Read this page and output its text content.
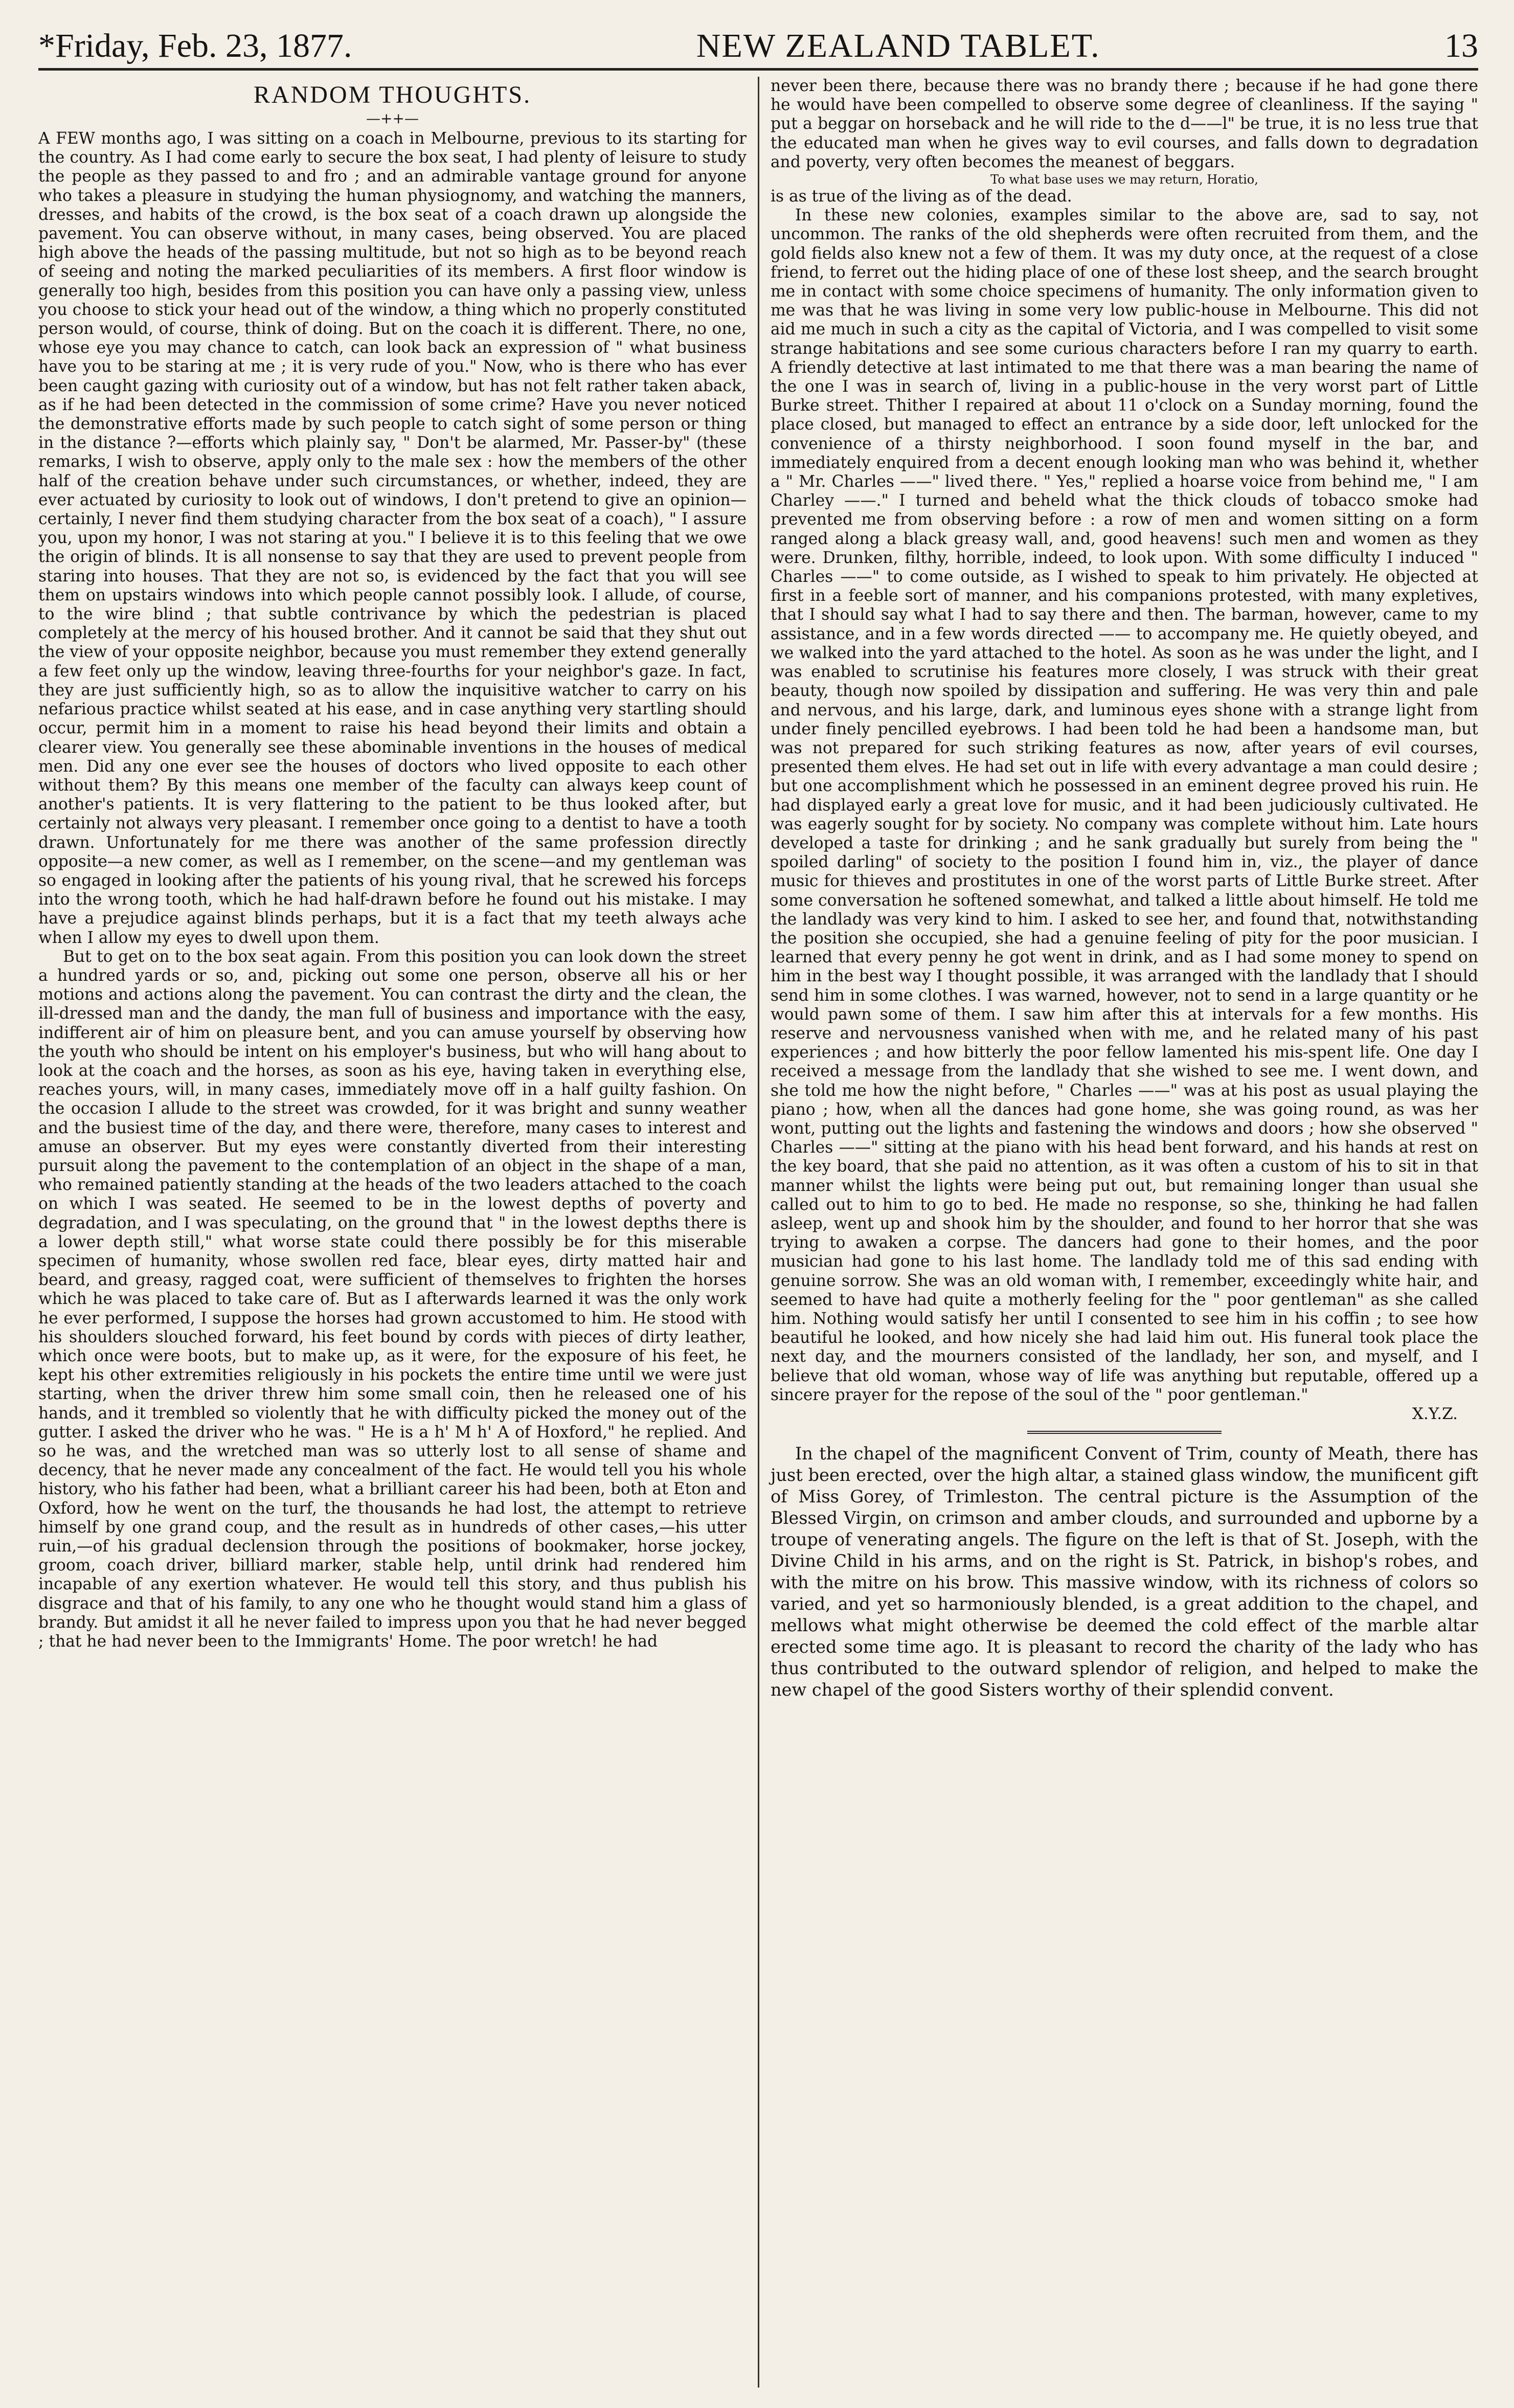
*Friday, Feb. 23, 1877.	NEW ZEALAND TABLET.	13
RANDOM THOUGHTS.
—++—

A FEW months ago, I was sitting on a coach in Melbourne, previous to its starting for the country. As I had come early to secure the box seat, I had plenty of leisure to study the people as they passed to and fro ; and an admirable vantage ground for anyone who takes a pleasure in studying the human physiognomy, and watching the manners, dresses, and habits of the crowd, is the box seat of a coach drawn up alongside the pavement. You can observe without, in many cases, being observed. You are placed high above the heads of the passing multitude, but not so high as to be beyond reach of seeing and noting the marked peculiarities of its members. A first floor window is generally too high, besides from this position you can have only a passing view, unless you choose to stick your head out of the window, a thing which no properly constituted person would, of course, think of doing. But on the coach it is different. There, no one, whose eye you may chance to catch, can look back an expression of " what business have you to be staring at me ; it is very rude of you." Now, who is there who has ever been caught gazing with curiosity out of a window, but has not felt rather taken aback, as if he had been detected in the commission of some crime? Have you never noticed the demonstrative efforts made by such people to catch sight of some person or thing in the distance ?—efforts which plainly say, " Don't be alarmed, Mr. Passer-by" (these remarks, I wish to observe, apply only to the male sex : how the members of the other half of the creation behave under such circumstances, or whether, indeed, they are ever actuated by curiosity to look out of windows, I don't pretend to give an opinion—certainly, I never find them studying character from the box seat of a coach), " I assure you, upon my honor, I was not staring at you." I believe it is to this feeling that we owe the origin of blinds. It is all nonsense to say that they are used to prevent people from staring into houses. That they are not so, is evidenced by the fact that you will see them on upstairs windows into which people cannot possibly look. I allude, of course, to the wire blind ; that subtle contrivance by which the pedestrian is placed completely at the mercy of his housed brother. And it cannot be said that they shut out the view of your opposite neighbor, because you must remember they extend generally a few feet only up the window, leaving three-fourths for your neighbor's gaze. In fact, they are just sufficiently high, so as to allow the inquisitive watcher to carry on his nefarious practice whilst seated at his ease, and in case anything very startling should occur, permit him in a moment to raise his head beyond their limits and obtain a clearer view. You generally see these abominable inventions in the houses of medical men. Did any one ever see the houses of doctors who lived opposite to each other without them? By this means one member of the faculty can always keep count of another's patients. It is very flattering to the patient to be thus looked after, but certainly not always very pleasant. I remember once going to a dentist to have a tooth drawn. Unfortunately for me there was another of the same profession directly opposite—a new comer, as well as I remember, on the scene—and my gentleman was so engaged in looking after the patients of his young rival, that he screwed his forceps into the wrong tooth, which he had half-drawn before he found out his mistake. I may have a prejudice against blinds perhaps, but it is a fact that my teeth always ache when I allow my eyes to dwell upon them.

But to get on to the box seat again. From this position you can look down the street a hundred yards or so, and, picking out some one person, observe all his or her motions and actions along the pavement. You can contrast the dirty and the clean, the ill-dressed man and the dandy, the man full of business and importance with the easy, indifferent air of him on pleasure bent, and you can amuse yourself by observing how the youth who should be intent on his employer's business, but who will hang about to look at the coach and the horses, as soon as his eye, having taken in everything else, reaches yours, will, in many cases, immediately move off in a half guilty fashion. On the occasion I allude to the street was crowded, for it was bright and sunny weather and the busiest time of the day, and there were, therefore, many cases to interest and amuse an observer. But my eyes were constantly diverted from their interesting pursuit along the pavement to the contemplation of an object in the shape of a man, who remained patiently standing at the heads of the two leaders attached to the coach on which I was seated. He seemed to be in the lowest depths of poverty and degradation, and I was speculating, on the ground that " in the lowest depths there is a lower depth still," what worse state could there possibly be for this miserable specimen of humanity, whose swollen red face, blear eyes, dirty matted hair and beard, and greasy, ragged coat, were sufficient of themselves to frighten the horses which he was placed to take care of. But as I afterwards learned it was the only work he ever performed, I suppose the horses had grown accustomed to him. He stood with his shoulders slouched forward, his feet bound by cords with pieces of dirty leather, which once were boots, but to make up, as it were, for the exposure of his feet, he kept his other extremities religiously in his pockets the entire time until we were just starting, when the driver threw him some small coin, then he released one of his hands, and it trembled so violently that he with difficulty picked the money out of the gutter. I asked the driver who he was. " He is a h' M h' A of Hoxford," he replied. And so he was, and the wretched man was so utterly lost to all sense of shame and decency, that he never made any concealment of the fact. He would tell you his whole history, who his father had been, what a brilliant career his had been, both at Eton and Oxford, how he went on the turf, the thousands he had lost, the attempt to retrieve himself by one grand coup, and the result as in hundreds of other cases,—his utter ruin,—of his gradual declension through the positions of bookmaker, horse jockey, groom, coach driver, billiard marker, stable help, until drink had rendered him incapable of any exertion whatever. He would tell this story, and thus publish his disgrace and that of his family, to any one who he thought would stand him a glass of brandy. But amidst it all he never failed to impress upon you that he had never begged ; that he had never been to the Immigrants' Home. The poor wretch! he had

never been there, because there was no brandy there ; because if he had gone there he would have been compelled to observe some degree of cleanliness. If the saying " put a beggar on horseback and he will ride to the d——l" be true, it is no less true that the educated man when he gives way to evil courses, and falls down to degradation and poverty, very often becomes the meanest of beggars.

To what base uses we may return, Horatio,

is as true of the living as of the dead.

In these new colonies, examples similar to the above are, sad to say, not uncommon. The ranks of the old shepherds were often recruited from them, and the gold fields also knew not a few of them. It was my duty once, at the request of a close friend, to ferret out the hiding place of one of these lost sheep, and the search brought me in contact with some choice specimens of humanity. The only information given to me was that he was living in some very low public-house in Melbourne. This did not aid me much in such a city as the capital of Victoria, and I was compelled to visit some strange habitations and see some curious characters before I ran my quarry to earth. A friendly detective at last intimated to me that there was a man bearing the name of the one I was in search of, living in a public-house in the very worst part of Little Burke street. Thither I repaired at about 11 o'clock on a Sunday morning, found the place closed, but managed to effect an entrance by a side door, left unlocked for the convenience of a thirsty neighborhood. I soon found myself in the bar, and immediately enquired from a decent enough looking man who was behind it, whether a " Mr. Charles ——" lived there. " Yes," replied a hoarse voice from behind me, " I am Charley ——." I turned and beheld what the thick clouds of tobacco smoke had prevented me from observing before : a row of men and women sitting on a form ranged along a black greasy wall, and, good heavens! such men and women as they were. Drunken, filthy, horrible, indeed, to look upon. With some difficulty I induced " Charles ——" to come outside, as I wished to speak to him privately. He objected at first in a feeble sort of manner, and his companions protested, with many expletives, that I should say what I had to say there and then. The barman, however, came to my assistance, and in a few words directed —— to accompany me. He quietly obeyed, and we walked into the yard attached to the hotel. As soon as he was under the light, and I was enabled to scrutinise his features more closely, I was struck with their great beauty, though now spoiled by dissipation and suffering. He was very thin and pale and nervous, and his large, dark, and luminous eyes shone with a strange light from under finely pencilled eyebrows. I had been told he had been a handsome man, but was not prepared for such striking features as now, after years of evil courses, presented them elves. He had set out in life with every advantage a man could desire ; but one accomplishment which he possessed in an eminent degree proved his ruin. He had displayed early a great love for music, and it had been judiciously cultivated. He was eagerly sought for by society. No company was complete without him. Late hours developed a taste for drinking ; and he sank gradually but surely from being the " spoiled darling" of society to the position I found him in, viz., the player of dance music for thieves and prostitutes in one of the worst parts of Little Burke street. After some conversation he softened somewhat, and talked a little about himself. He told me the landlady was very kind to him. I asked to see her, and found that, notwithstanding the position she occupied, she had a genuine feeling of pity for the poor musician. I learned that every penny he got went in drink, and as I had some money to spend on him in the best way I thought possible, it was arranged with the landlady that I should send him in some clothes. I was warned, however, not to send in a large quantity or he would pawn some of them. I saw him after this at intervals for a few months. His reserve and nervousness vanished when with me, and he related many of his past experiences ; and how bitterly the poor fellow lamented his mis-spent life. One day I received a message from the landlady that she wished to see me. I went down, and she told me how the night before, " Charles ——" was at his post as usual playing the piano ; how, when all the dances had gone home, she was going round, as was her wont, putting out the lights and fastening the windows and doors ; how she observed " Charles ——" sitting at the piano with his head bent forward, and his hands at rest on the key board, that she paid no attention, as it was often a custom of his to sit in that manner whilst the lights were being put out, but remaining longer than usual she called out to him to go to bed. He made no response, so she, thinking he had fallen asleep, went up and shook him by the shoulder, and found to her horror that she was trying to awaken a corpse. The dancers had gone to their homes, and the poor musician had gone to his last home. The landlady told me of this sad ending with genuine sorrow. She was an old woman with, I remember, exceedingly white hair, and seemed to have had quite a motherly feeling for the " poor gentleman" as she called him. Nothing would satisfy her until I consented to see him in his coffin ; to see how beautiful he looked, and how nicely she had laid him out. His funeral took place the next day, and the mourners consisted of the landlady, her son, and myself, and I believe that old woman, whose way of life was anything but reputable, offered up a sincere prayer for the repose of the soul of the " poor gentleman."

X.Y.Z.

In the chapel of the magnificent Convent of Trim, county of Meath, there has just been erected, over the high altar, a stained glass window, the munificent gift of Miss Gorey, of Trimleston. The central picture is the Assumption of the Blessed Virgin, on crimson and amber clouds, and surrounded and upborne by a troupe of venerating angels. The figure on the left is that of St. Joseph, with the Divine Child in his arms, and on the right is St. Patrick, in bishop's robes, and with the mitre on his brow. This massive window, with its richness of colors so varied, and yet so harmoniously blended, is a great addition to the chapel, and mellows what might otherwise be deemed the cold effect of the marble altar erected some time ago. It is pleasant to record the charity of the lady who has thus contributed to the outward splendor of religion, and helped to make the new chapel of the good Sisters worthy of their splendid convent.
